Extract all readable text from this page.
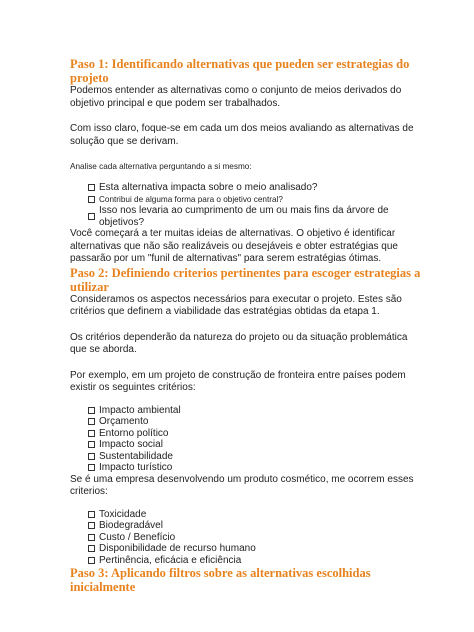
Paso 1: Identificando alternativas que pueden ser estrategias do projeto

Podemos entender as alternativas como o conjunto de meios derivados do objetivo principal e que podem ser trabalhados.

Com isso claro, foque-se em cada um dos meios avaliando as alternativas de solução que se derivam.

Analise cada alternativa perguntando a si mesmo:

Esta alternativa impacta sobre o meio analisado?
Contribui de alguma forma para o objetivo central?
Isso nos levaria ao cumprimento de um ou mais fins da árvore de objetivos?

Você começará a ter muitas ideias de alternativas. O objetivo é identificar alternativas que não são realizáveis ou desejáveis e obter estratégias que passarão por um "funil de alternativas" para serem estratégias ótimas.

Paso 2: Definiendo criterios pertinentes para escoger estrategias a utilizar

Consideramos os aspectos necessários para executar o projeto. Estes são critérios que definem a viabilidade das estratégias obtidas da etapa 1.

Os critérios dependerão da natureza do projeto ou da situação problemática que se aborda.

Por exemplo, em um projeto de construção de fronteira entre países podem existir os seguintes critérios:

Impacto ambiental
Orçamento
Entorno político
Impacto social
Sustentabilidade
Impacto turístico

Se é uma empresa desenvolvendo um produto cosmético, me ocorrem esses criterios:

Toxicidade
Biodegradável
Custo / Benefício
Disponibilidade de recurso humano
Pertinência, eficácia e eficiência
Paso 3: Aplicando filtros sobre as alternativas escolhidas inicialmente
